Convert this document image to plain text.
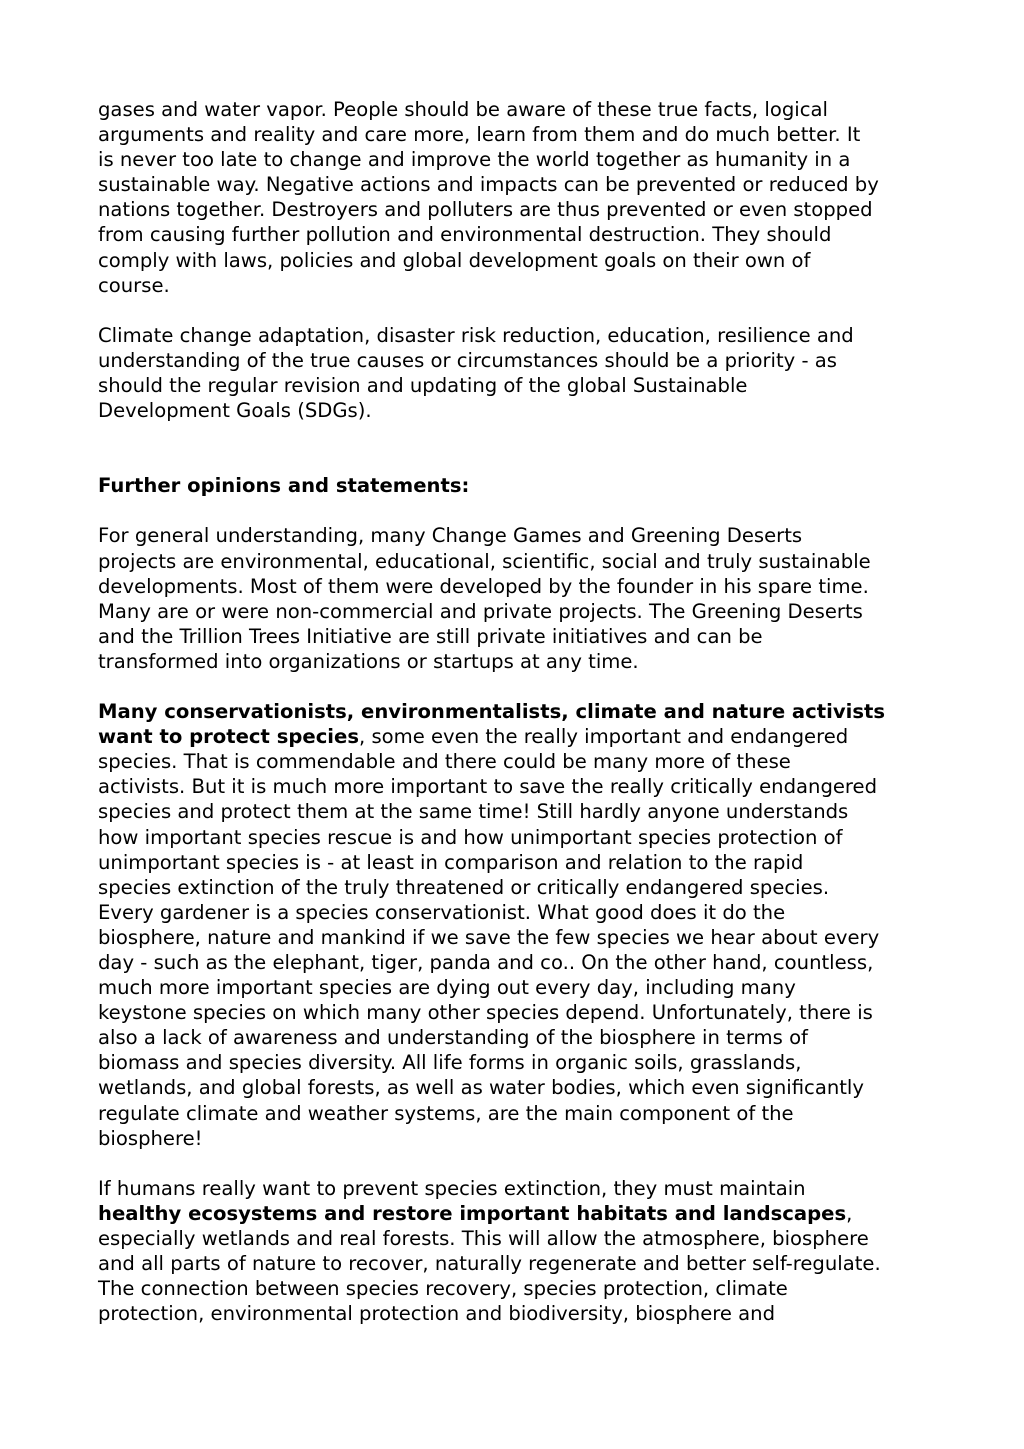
gases and water vapor. People should be aware of these true facts, logical
arguments and reality and care more, learn from them and do much better. It
is never too late to change and improve the world together as humanity in a
sustainable way. Negative actions and impacts can be prevented or reduced by
nations together. Destroyers and polluters are thus prevented or even stopped
from causing further pollution and environmental destruction. They should
comply with laws, policies and global development goals on their own of
course.

Climate change adaptation, disaster risk reduction, education, resilience and
understanding of the true causes or circumstances should be a priority - as
should the regular revision and updating of the global Sustainable
Development Goals (SDGs).

Further opinions and statements:

For general understanding, many Change Games and Greening Deserts
projects are environmental, educational, scientific, social and truly sustainable
developments. Most of them were developed by the founder in his spare time.
Many are or were non-commercial and private projects. The Greening Deserts
and the Trillion Trees Initiative are still private initiatives and can be
transformed into organizations or startups at any time.

Many conservationists, environmentalists, climate and nature activists
want to protect species, some even the really important and endangered
species. That is commendable and there could be many more of these
activists. But it is much more important to save the really critically endangered
species and protect them at the same time! Still hardly anyone understands
how important species rescue is and how unimportant species protection of
unimportant species is - at least in comparison and relation to the rapid
species extinction of the truly threatened or critically endangered species.
Every gardener is a species conservationist. What good does it do the
biosphere, nature and mankind if we save the few species we hear about every
day - such as the elephant, tiger, panda and co.. On the other hand, countless,
much more important species are dying out every day, including many
keystone species on which many other species depend. Unfortunately, there is
also a lack of awareness and understanding of the biosphere in terms of
biomass and species diversity. All life forms in organic soils, grasslands,
wetlands, and global forests, as well as water bodies, which even significantly
regulate climate and weather systems, are the main component of the
biosphere!

If humans really want to prevent species extinction, they must maintain
healthy ecosystems and restore important habitats and landscapes,
especially wetlands and real forests. This will allow the atmosphere, biosphere
and all parts of nature to recover, naturally regenerate and better self-regulate.
The connection between species recovery, species protection, climate
protection, environmental protection and biodiversity, biosphere and
